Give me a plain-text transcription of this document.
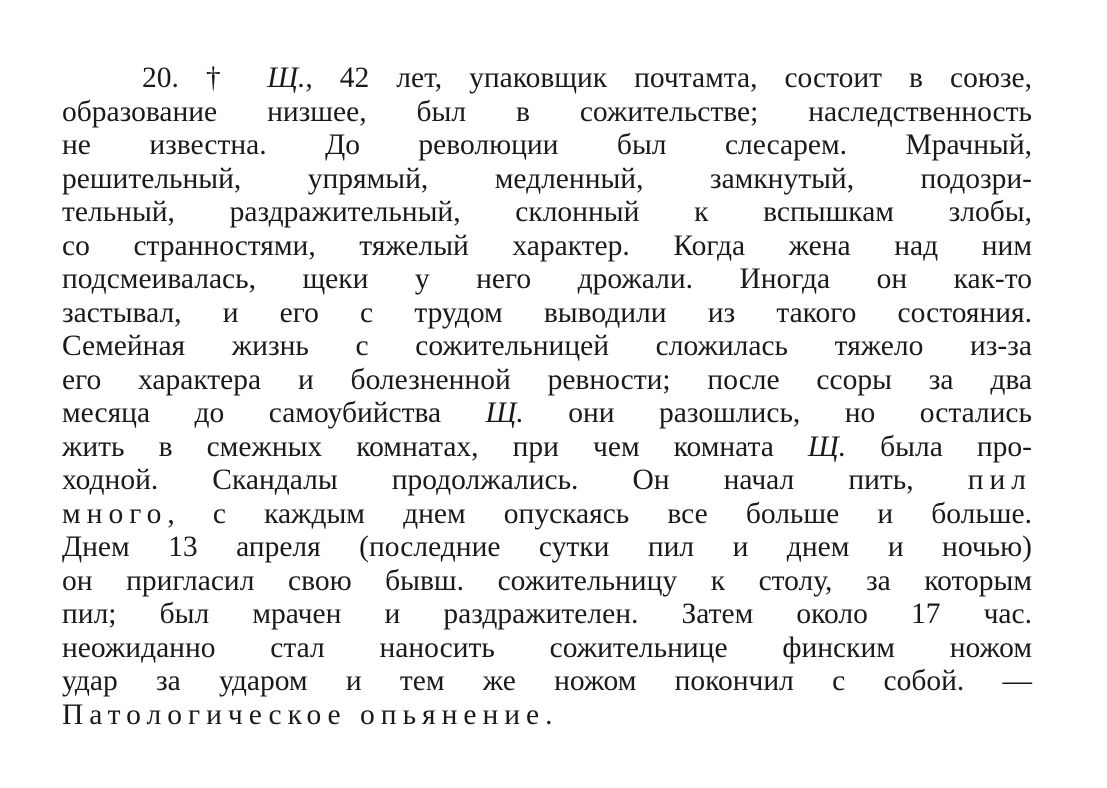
20. † Щ., 42 лет, упаковщик почтамта, состоит в союзе,
образование низшее, был в сожительстве; наследственность
не известна. До революции был слесарем. Мрачный,
решительный, упрямый, медленный, замкнутый, подозри-
тельный, раздражительный, склонный к вспышкам злобы,
со странностями, тяжелый характер. Когда жена над ним
подсмеивалась, щеки у него дрожали. Иногда он как-то
застывал, и его с трудом выводили из такого состояния.
Семейная жизнь с сожительницей сложилась тяжело из-за
его характера и болезненной ревности; после ссоры за два
месяца до самоубийства Щ. они разошлись, но остались
жить в смежных комнатах, при чем комната Щ. была про-
ходной. Скандалы продолжались. Он начал пить, пил
много, с каждым днем опускаясь все больше и больше.
Днем 13 апреля (последние сутки пил и днем и ночью)
он пригласил свою бывш. сожительницу к столу, за которым
пил; был мрачен и раздражителен. Затем около 17 час.
неожиданно стал наносить сожительнице финским ножом
удар за ударом и тем же ножом покончил с собой. —
Патологическое опьянение.
